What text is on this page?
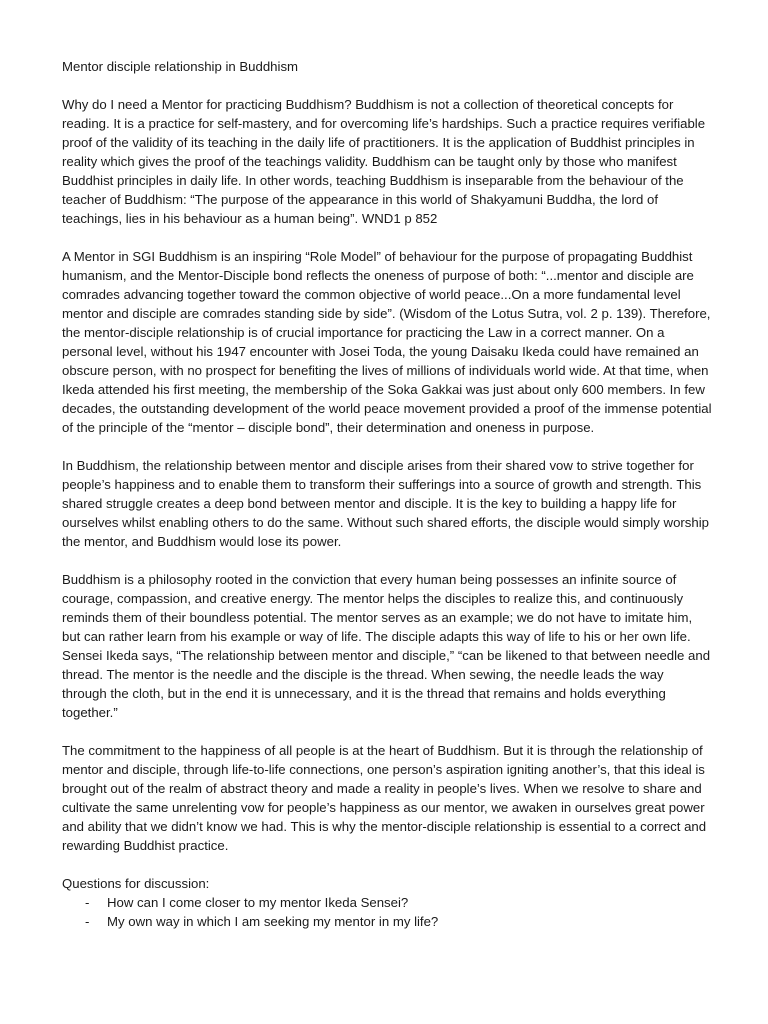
Mentor disciple relationship in Buddhism

Why do I need a Mentor for practicing Buddhism? Buddhism is not a collection of theoretical concepts for reading. It is a practice for self-mastery, and for overcoming life’s hardships. Such a practice requires verifiable proof of the validity of its teaching in the daily life of practitioners. It is the application of Buddhist principles in reality which gives the proof of the teachings validity. Buddhism can be taught only by those who manifest Buddhist principles in daily life. In other words, teaching Buddhism is inseparable from the behaviour of the teacher of Buddhism: “The purpose of the appearance in this world of Shakyamuni Buddha, the lord of teachings, lies in his behaviour as a human being”. WND1 p 852

A Mentor in SGI Buddhism is an inspiring “Role Model” of behaviour for the purpose of propagating Buddhist humanism, and the Mentor-Disciple bond reflects the oneness of purpose of both: “...mentor and disciple are comrades advancing together toward the common objective of world peace...On a more fundamental level mentor and disciple are comrades standing side by side”. (Wisdom of the Lotus Sutra, vol. 2 p. 139). Therefore, the mentor-disciple relationship is of crucial importance for practicing the Law in a correct manner. On a personal level, without his 1947 encounter with Josei Toda, the young Daisaku Ikeda could have remained an obscure person, with no prospect for benefiting the lives of millions of individuals world wide. At that time, when Ikeda attended his first meeting, the membership of the Soka Gakkai was just about only 600 members. In few decades, the outstanding development of the world peace movement provided a proof of the immense potential of the principle of the “mentor – disciple bond”, their determination and oneness in purpose.

In Buddhism, the relationship between mentor and disciple arises from their shared vow to strive together for people’s happiness and to enable them to transform their sufferings into a source of growth and strength. This shared struggle creates a deep bond between mentor and disciple. It is the key to building a happy life for ourselves whilst enabling others to do the same. Without such shared efforts, the disciple would simply worship the mentor, and Buddhism would lose its power.

Buddhism is a philosophy rooted in the conviction that every human being possesses an infinite source of courage, compassion, and creative energy. The mentor helps the disciples to realize this, and continuously reminds them of their boundless potential. The mentor serves as an example; we do not have to imitate him, but can rather learn from his example or way of life. The disciple adapts this way of life to his or her own life. Sensei Ikeda says, “The relationship between mentor and disciple,” “can be likened to that between needle and thread. The mentor is the needle and the disciple is the thread. When sewing, the needle leads the way through the cloth, but in the end it is unnecessary, and it is the thread that remains and holds everything together.”

The commitment to the happiness of all people is at the heart of Buddhism. But it is through the relationship of mentor and disciple, through life-to-life connections, one person’s aspiration igniting another’s, that this ideal is brought out of the realm of abstract theory and made a reality in people’s lives. When we resolve to share and cultivate the same unrelenting vow for people’s happiness as our mentor, we awaken in ourselves great power and ability that we didn’t know we had. This is why the mentor-disciple relationship is essential to a correct and rewarding Buddhist practice.

Questions for discussion:

- How can I come closer to my mentor Ikeda Sensei?
- My own way in which I am seeking my mentor in my life?
